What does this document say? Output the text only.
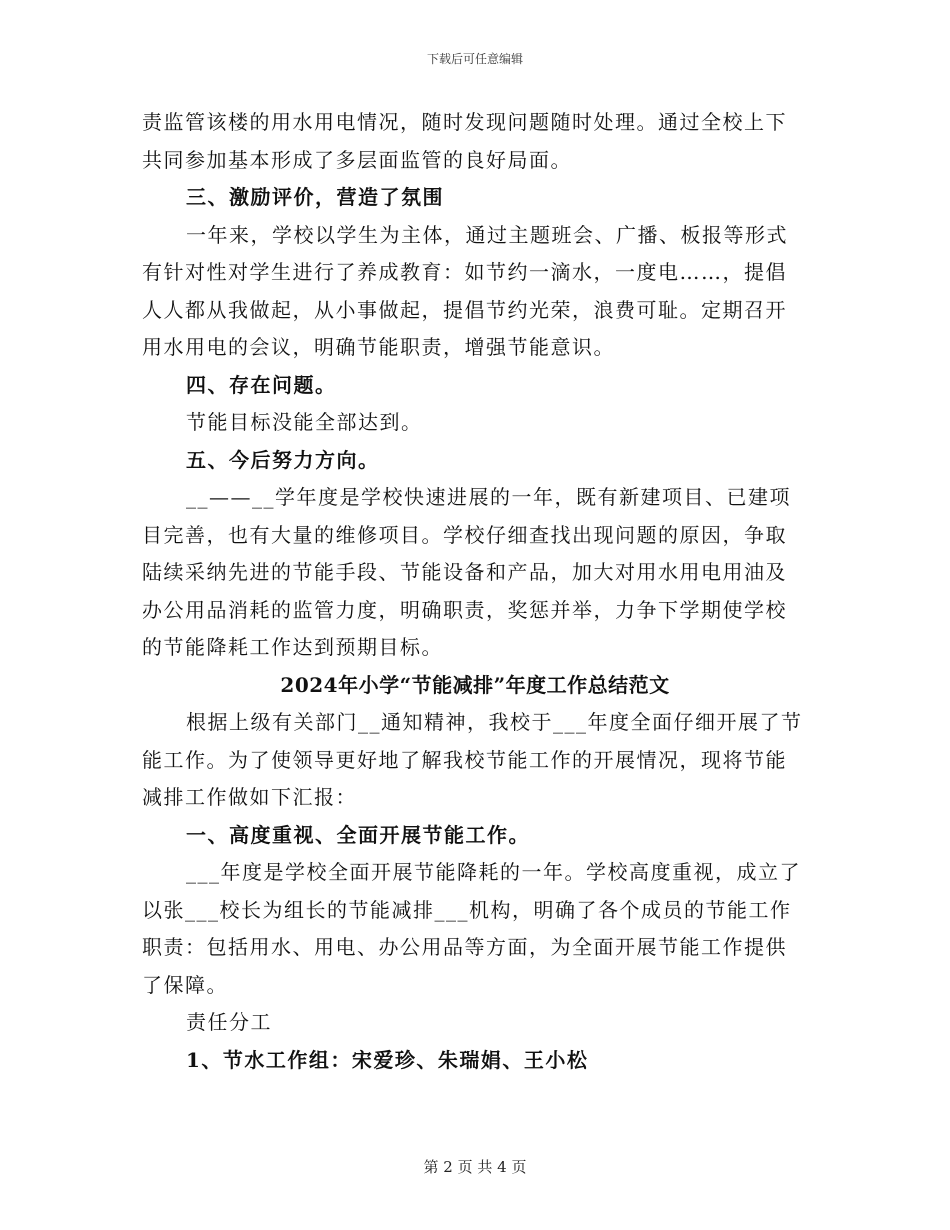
下载后可任意编辑
责监管该楼的用水用电情况，随时发现问题随时处理。通过全校上下
共同参加基本形成了多层面监管的良好局面。
三、激励评价，营造了氛围
一年来，学校以学生为主体，通过主题班会、广播、板报等形式
有针对性对学生进行了养成教育：如节约一滴水，一度电……，提倡
人人都从我做起，从小事做起，提倡节约光荣，浪费可耻。定期召开
用水用电的会议，明确节能职责，增强节能意识。
四、存在问题。
节能目标没能全部达到。
五、今后努力方向。
__——__学年度是学校快速进展的一年，既有新建项目、已建项
目完善，也有大量的维修项目。学校仔细查找出现问题的原因，争取
陆续采纳先进的节能手段、节能设备和产品，加大对用水用电用油及
办公用品消耗的监管力度，明确职责，奖惩并举，力争下学期使学校
的节能降耗工作达到预期目标。
2024年小学“节能减排”年度工作总结范文
根据上级有关部门__通知精神，我校于___年度全面仔细开展了节
能工作。为了使领导更好地了解我校节能工作的开展情况，现将节能
减排工作做如下汇报：
一、高度重视、全面开展节能工作。
___年度是学校全面开展节能降耗的一年。学校高度重视，成立了
以张___校长为组长的节能减排___机构，明确了各个成员的节能工作
职责：包括用水、用电、办公用品等方面，为全面开展节能工作提供
了保障。
责任分工
1、节水工作组：宋爱珍、朱瑞娟、王小松
第 2 页 共 4 页
